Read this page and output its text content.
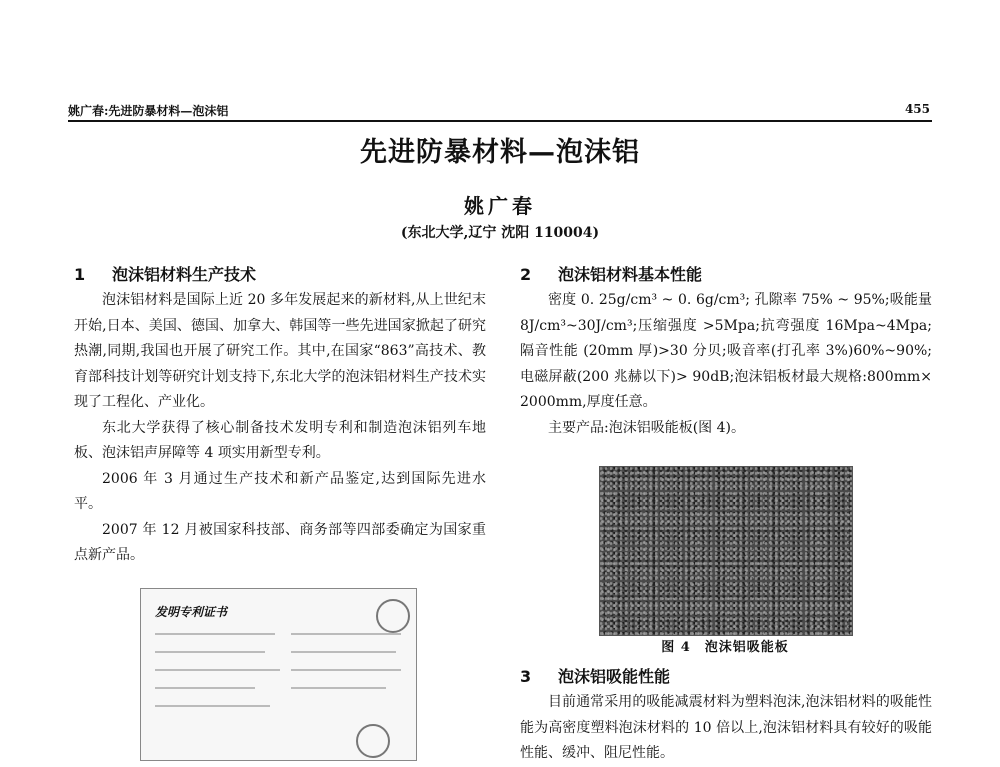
姚广春:先进防暴材料—泡沫铝	455
先进防暴材料—泡沫铝
姚广春
(东北大学,辽宁 沈阳 110004)
1 泡沫铝材料生产技术

泡沫铝材料是国际上近 20 多年发展起来的新材料,从上世纪末开始,日本、美国、德国、加拿大、韩国等一些先进国家掀起了研究热潮,同期,我国也开展了研究工作。其中,在国家“863”高技术、教育部科技计划等研究计划支持下,东北大学的泡沫铝材料生产技术实现了工程化、产业化。

东北大学获得了核心制备技术发明专利和制造泡沫铝列车地板、泡沫铝声屏障等 4 项实用新型专利。

2006 年 3 月通过生产技术和新产品鉴定,达到国际先进水平。

2007 年 12 月被国家科技部、商务部等四部委确定为国家重点新产品。

发明专利证书
2 泡沫铝材料基本性能

密度 0. 25g/cm³ ~ 0. 6g/cm³; 孔隙率 75% ~ 95%;吸能量 8J/cm³~30J/cm³;压缩强度 >5Mpa;抗弯强度 16Mpa~4Mpa;隔音性能 (20mm 厚)>30 分贝;吸音率(打孔率 3%)60%~90%;电磁屏蔽(200 兆赫以下)> 90dB;泡沫铝板材最大规格:800mm× 2000mm,厚度任意。

主要产品:泡沫铝吸能板(图 4)。

图 4　泡沫铝吸能板
3 泡沫铝吸能性能

目前通常采用的吸能减震材料为塑料泡沫,泡沫铝材料的吸能性能为高密度塑料泡沫材料的 10 倍以上,泡沫铝材料具有较好的吸能性能、缓冲、阻尼性能。
